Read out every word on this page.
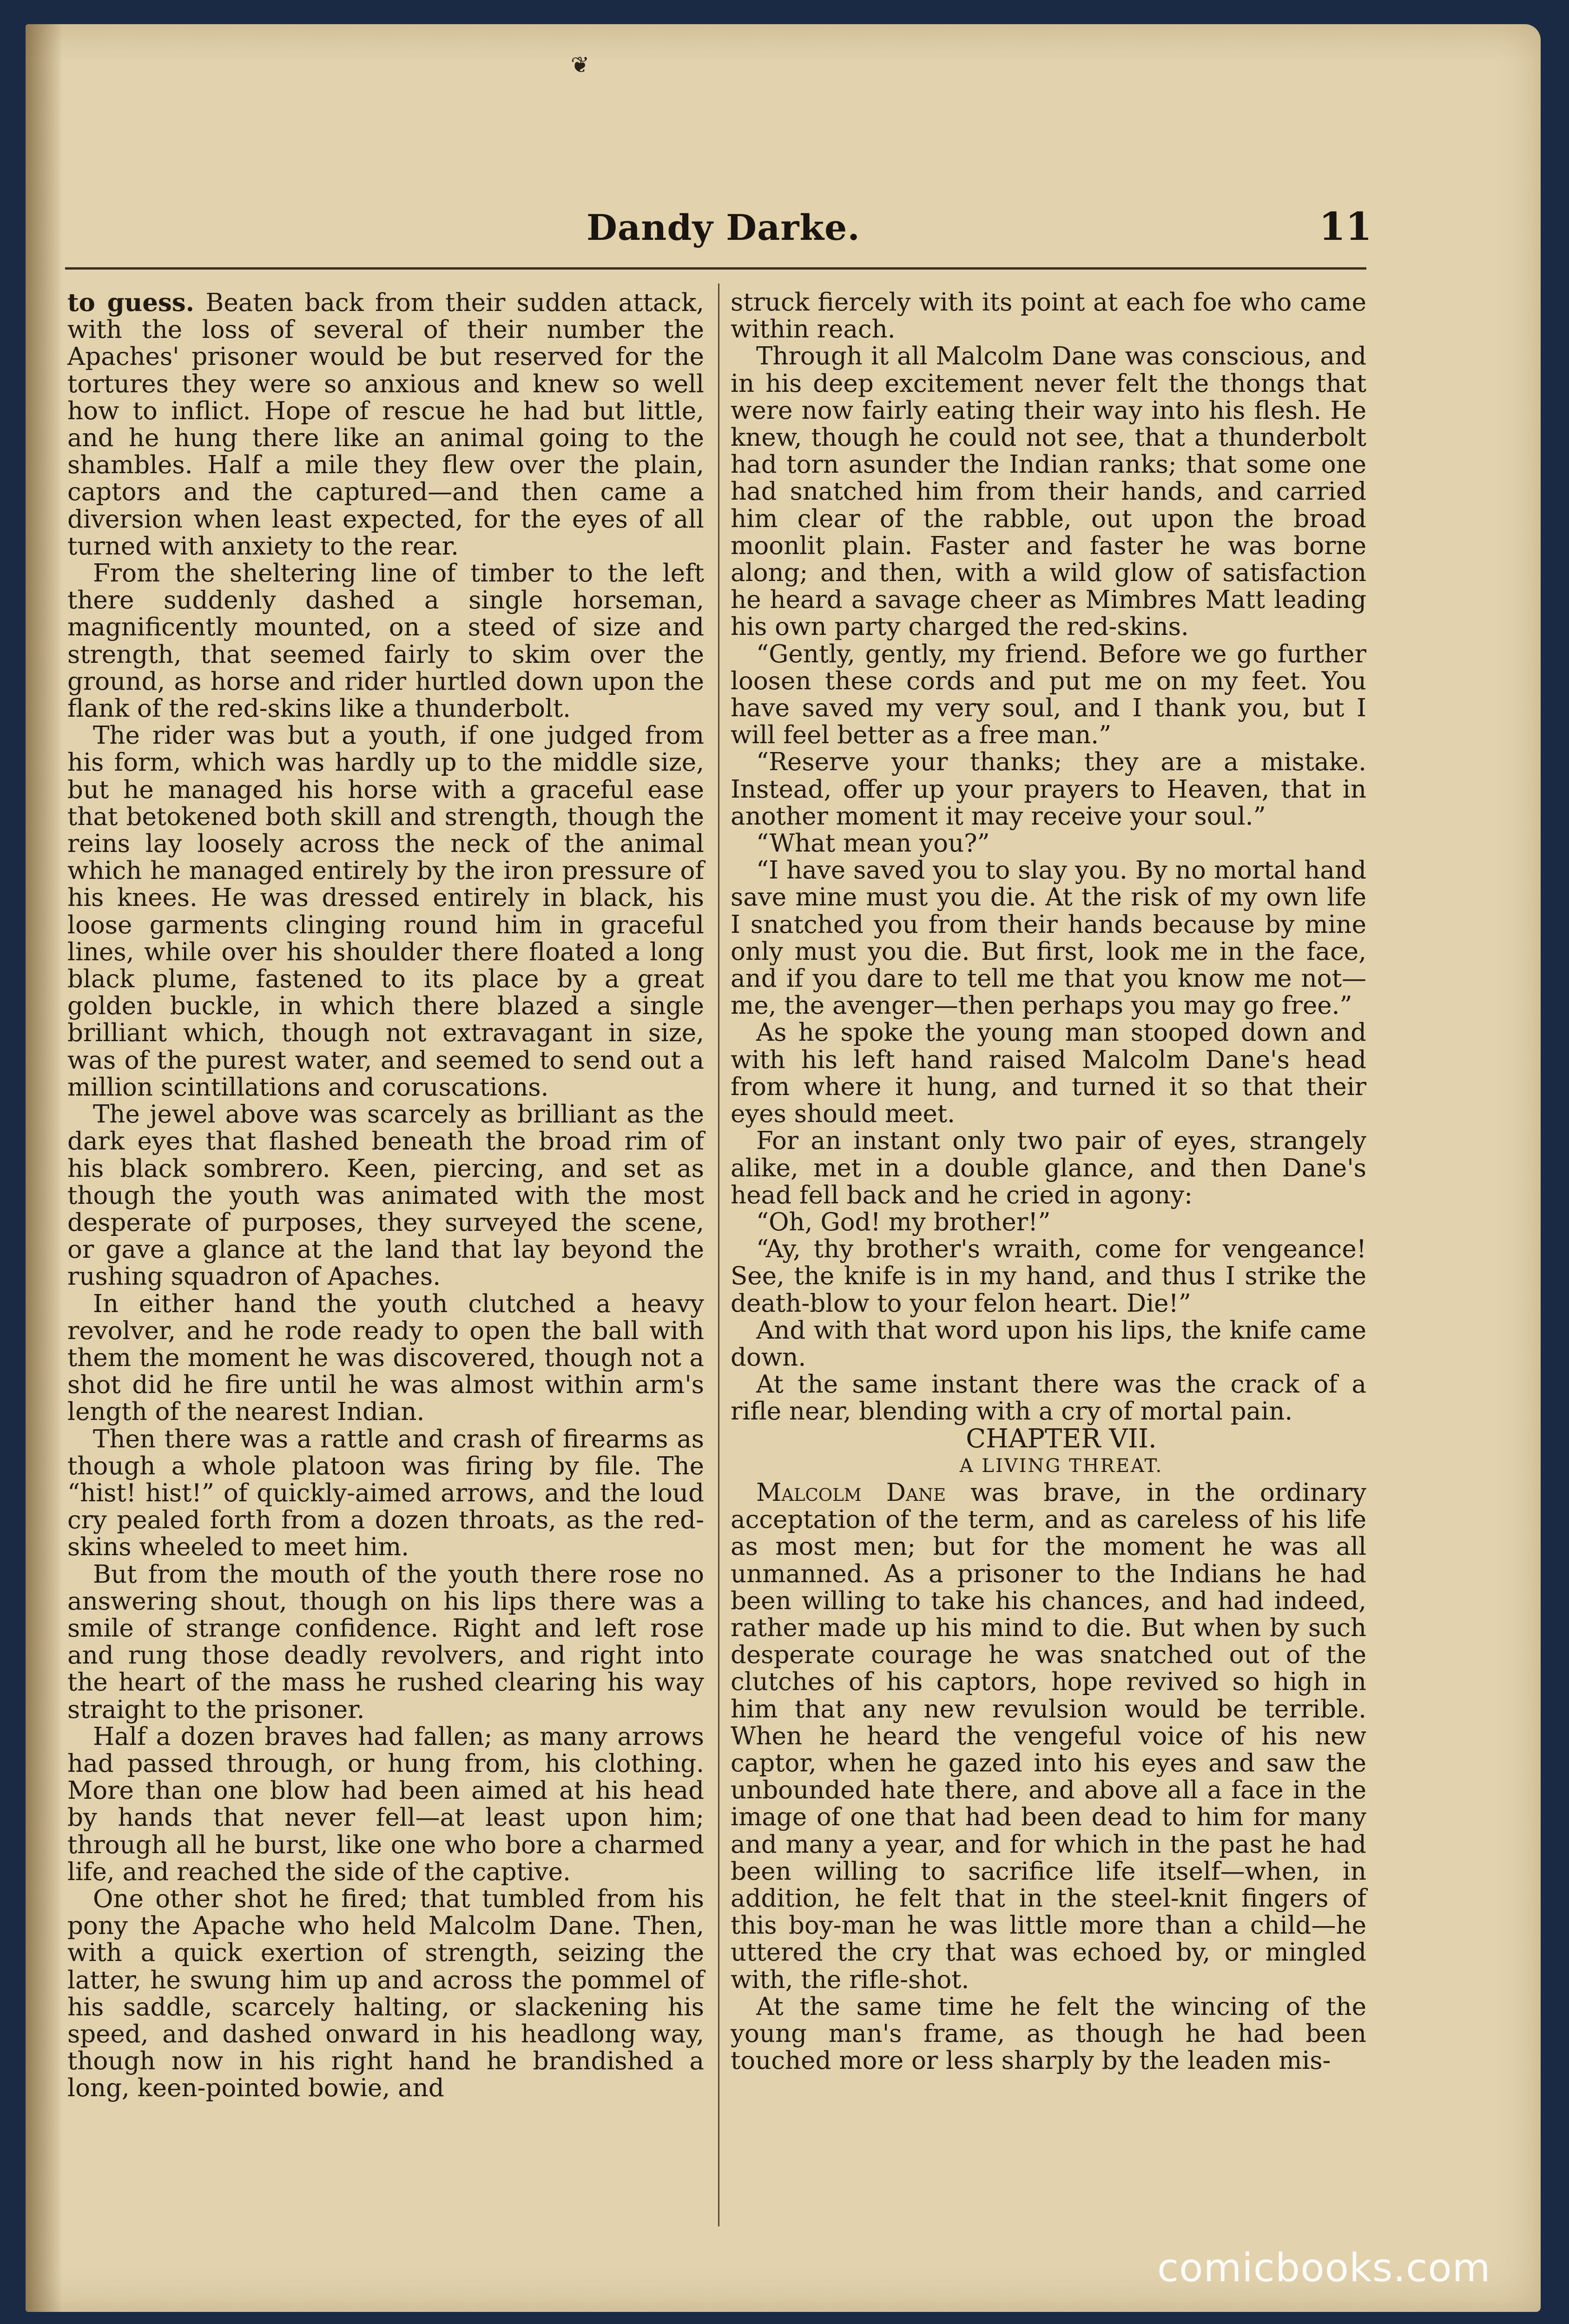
❦
Dandy Darke.	11

to guess. Beaten back from their sudden attack, with the loss of several of their number the Apaches' prisoner would be but reserved for the tortures they were so anxious and knew so well how to inflict. Hope of rescue he had but little, and he hung there like an animal going to the shambles. Half a mile they flew over the plain, captors and the captured—and then came a diversion when least expected, for the eyes of all turned with anxiety to the rear.

From the sheltering line of timber to the left there suddenly dashed a single horseman, magnificently mounted, on a steed of size and strength, that seemed fairly to skim over the ground, as horse and rider hurtled down upon the flank of the red-skins like a thunderbolt.

The rider was but a youth, if one judged from his form, which was hardly up to the middle size, but he managed his horse with a graceful ease that betokened both skill and strength, though the reins lay loosely across the neck of the animal which he managed entirely by the iron pressure of his knees. He was dressed entirely in black, his loose garments clinging round him in graceful lines, while over his shoulder there floated a long black plume, fastened to its place by a great golden buckle, in which there blazed a single brilliant which, though not extravagant in size, was of the purest water, and seemed to send out a million scintillations and coruscations.

The jewel above was scarcely as brilliant as the dark eyes that flashed beneath the broad rim of his black sombrero. Keen, piercing, and set as though the youth was animated with the most desperate of purposes, they surveyed the scene, or gave a glance at the land that lay beyond the rushing squadron of Apaches.

In either hand the youth clutched a heavy revolver, and he rode ready to open the ball with them the moment he was discovered, though not a shot did he fire until he was almost within arm's length of the nearest Indian.

Then there was a rattle and crash of firearms as though a whole platoon was firing by file. The “hist! hist!” of quickly-aimed arrows, and the loud cry pealed forth from a dozen throats, as the red-skins wheeled to meet him.

But from the mouth of the youth there rose no answering shout, though on his lips there was a smile of strange confidence. Right and left rose and rung those deadly revolvers, and right into the heart of the mass he rushed clearing his way straight to the prisoner.

Half a dozen braves had fallen; as many arrows had passed through, or hung from, his clothing. More than one blow had been aimed at his head by hands that never fell—at least upon him; through all he burst, like one who bore a charmed life, and reached the side of the captive.

One other shot he fired; that tumbled from his pony the Apache who held Malcolm Dane. Then, with a quick exertion of strength, seizing the latter, he swung him up and across the pommel of his saddle, scarcely halting, or slackening his speed, and dashed onward in his headlong way, though now in his right hand he brandished a long, keen-pointed bowie, and

struck fiercely with its point at each foe who came within reach.

Through it all Malcolm Dane was conscious, and in his deep excitement never felt the thongs that were now fairly eating their way into his flesh. He knew, though he could not see, that a thunderbolt had torn asunder the Indian ranks; that some one had snatched him from their hands, and carried him clear of the rabble, out upon the broad moonlit plain. Faster and faster he was borne along; and then, with a wild glow of satisfaction he heard a savage cheer as Mimbres Matt leading his own party charged the red-skins.

“Gently, gently, my friend. Before we go further loosen these cords and put me on my feet. You have saved my very soul, and I thank you, but I will feel better as a free man.”

“Reserve your thanks; they are a mistake. Instead, offer up your prayers to Heaven, that in another moment it may receive your soul.”

“What mean you?”

“I have saved you to slay you. By no mortal hand save mine must you die. At the risk of my own life I snatched you from their hands because by mine only must you die. But first, look me in the face, and if you dare to tell me that you know me not—me, the avenger—then perhaps you may go free.”

As he spoke the young man stooped down and with his left hand raised Malcolm Dane's head from where it hung, and turned it so that their eyes should meet.

For an instant only two pair of eyes, strangely alike, met in a double glance, and then Dane's head fell back and he cried in agony:

“Oh, God! my brother!”

“Ay, thy brother's wraith, come for vengeance! See, the knife is in my hand, and thus I strike the death-blow to your felon heart. Die!”

And with that word upon his lips, the knife came down.

At the same instant there was the crack of a rifle near, blending with a cry of mortal pain.

CHAPTER VII.

A LIVING THREAT.

Malcolm Dane was brave, in the ordinary acceptation of the term, and as careless of his life as most men; but for the moment he was all unmanned. As a prisoner to the Indians he had been willing to take his chances, and had indeed, rather made up his mind to die. But when by such desperate courage he was snatched out of the clutches of his captors, hope revived so high in him that any new revulsion would be terrible. When he heard the vengeful voice of his new captor, when he gazed into his eyes and saw the unbounded hate there, and above all a face in the image of one that had been dead to him for many and many a year, and for which in the past he had been willing to sacrifice life itself—when, in addition, he felt that in the steel-knit fingers of this boy-man he was little more than a child—he uttered the cry that was echoed by, or mingled with, the rifle-shot.

At the same time he felt the wincing of the young man's frame, as though he had been touched more or less sharply by the leaden mis-

comicbooks.com
